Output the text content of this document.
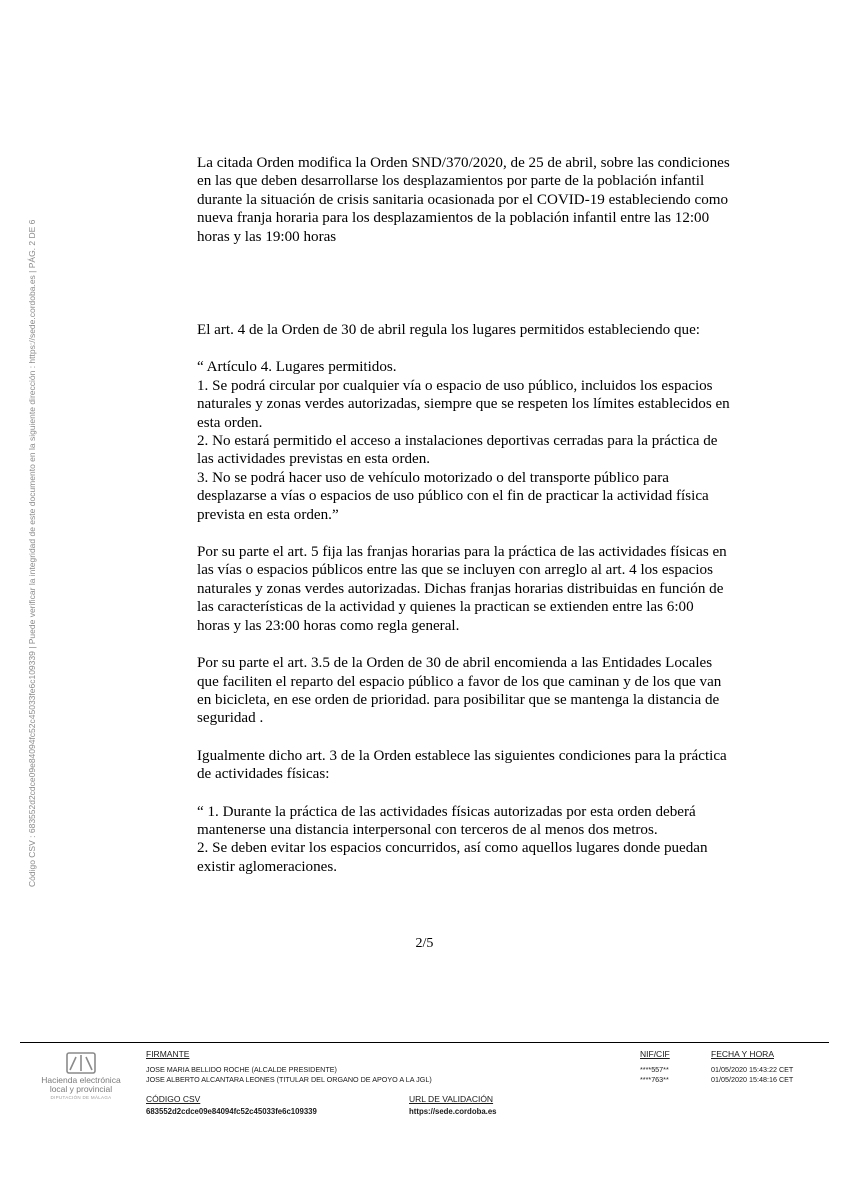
Código CSV : 683552d2cdce09e84094fc52c45033fe6c109339 | Puede verificar la integridad de este documento en la siguiente dirección : https://sede.cordoba.es | PÁG. 2 DE 6

La citada Orden modifica la Orden SND/370/2020, de 25 de abril, sobre las condiciones en las que deben desarrollarse los desplazamientos por parte de la población infantil durante la situación de crisis sanitaria ocasionada por el COVID-19 estableciendo como nueva franja horaria para los desplazamientos de la población infantil entre las 12:00 horas y las 19:00 horas

El art. 4 de la Orden de 30 de abril regula los lugares permitidos estableciendo que:

“ Artículo 4. Lugares permitidos.

1. Se podrá circular por cualquier vía o espacio de uso público, incluidos los espacios naturales y zonas verdes autorizadas, siempre que se respeten los límites establecidos en esta orden.

2. No estará permitido el acceso a instalaciones deportivas cerradas para la práctica de las actividades previstas en esta orden.

3. No se podrá hacer uso de vehículo motorizado o del transporte público para desplazarse a vías o espacios de uso público con el fin de practicar la actividad física prevista en esta orden.”

Por su parte el art. 5 fija las franjas horarias para la práctica de las actividades físicas en las vías o espacios públicos entre las que se incluyen con arreglo al art. 4 los espacios naturales y zonas verdes autorizadas. Dichas franjas horarias distribuidas en función de las características de la actividad y quienes la practican se extienden entre las 6:00 horas y las 23:00 horas como regla general.

Por su parte el art. 3.5 de la Orden de 30 de abril encomienda a las Entidades Locales que faciliten el reparto del espacio público a favor de los que caminan y de los que van en bicicleta, en ese orden de prioridad. para posibilitar que se mantenga la distancia de seguridad .

Igualmente dicho art. 3 de la Orden establece las siguientes condiciones para la práctica de actividades físicas:

“ 1. Durante la práctica de las actividades físicas autorizadas por esta orden deberá mantenerse una distancia interpersonal con terceros de al menos dos metros.

2. Se deben evitar los espacios concurridos, así como aquellos lugares donde puedan existir aglomeraciones.

2/5
Hacienda electrónica
local y provincial
DIPUTACIÓN DE MÁLAGA
FIRMANTE	NIF/CIF	FECHA Y HORA
JOSE MARIA BELLIDO ROCHE (ALCALDE PRESIDENTE)	****557**	01/05/2020 15:43:22 CET
JOSE ALBERTO ALCANTARA LEONES (TITULAR DEL ORGANO DE APOYO A LA JGL)	****763**	01/05/2020 15:48:16 CET
CÓDIGO CSV
683552d2cdce09e84094fc52c45033fe6c109339
URL DE VALIDACIÓN
https://sede.cordoba.es
